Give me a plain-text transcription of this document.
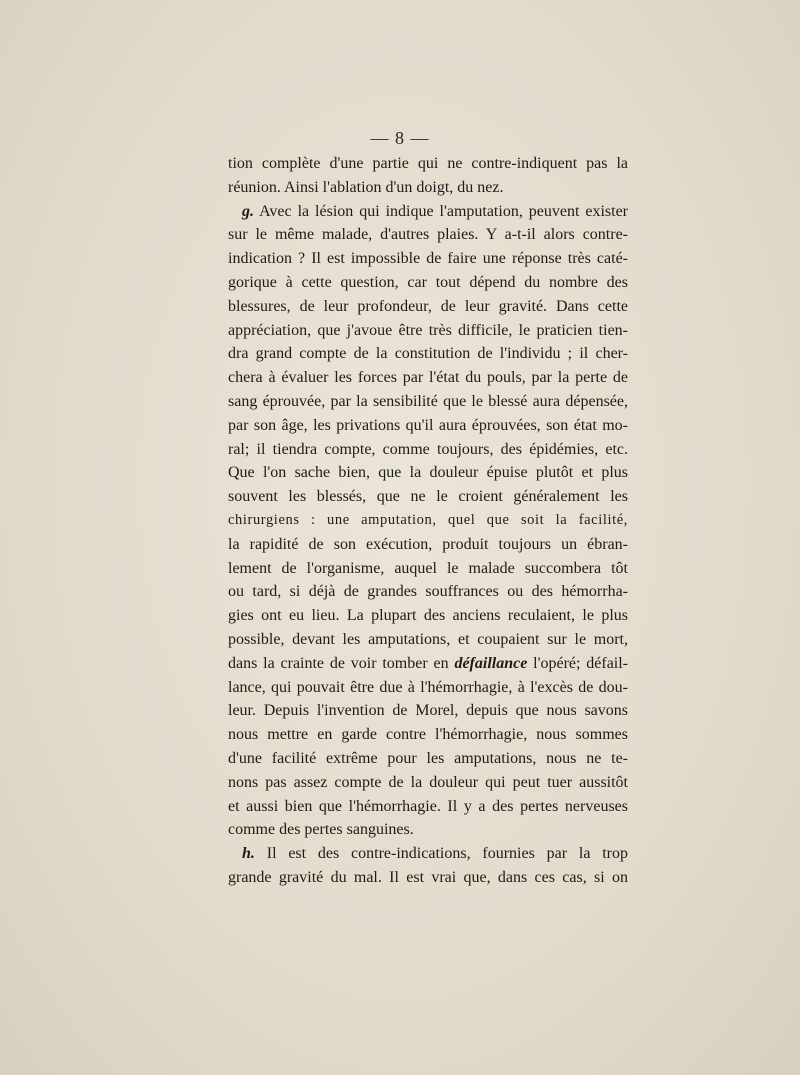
— 8 —
tion complète d'une partie qui ne contre-indiquent pas la
réunion. Ainsi l'ablation d'un doigt, du nez.
g. Avec la lésion qui indique l'amputation, peuvent exister
sur le même malade, d'autres plaies. Y a-t-il alors contre-
indication ? Il est impossible de faire une réponse très caté-
gorique à cette question, car tout dépend du nombre des
blessures, de leur profondeur, de leur gravité. Dans cette
appréciation, que j'avoue être très difficile, le praticien tien-
dra grand compte de la constitution de l'individu ; il cher-
chera à évaluer les forces par l'état du pouls, par la perte de
sang éprouvée, par la sensibilité que le blessé aura dépensée,
par son âge, les privations qu'il aura éprouvées, son état mo-
ral; il tiendra compte, comme toujours, des épidémies, etc.
Que l'on sache bien, que la douleur épuise plutôt et plus
souvent les blessés, que ne le croient généralement les
chirurgiens : une amputation, quel que soit la facilité,
la rapidité de son exécution, produit toujours un ébran-
lement de l'organisme, auquel le malade succombera tôt
ou tard, si déjà de grandes souffrances ou des hémorrha-
gies ont eu lieu. La plupart des anciens reculaient, le plus
possible, devant les amputations, et coupaient sur le mort,
dans la crainte de voir tomber en défaillance l'opéré; défail-
lance, qui pouvait être due à l'hémorrhagie, à l'excès de dou-
leur. Depuis l'invention de Morel, depuis que nous savons
nous mettre en garde contre l'hémorrhagie, nous sommes
d'une facilité extrême pour les amputations, nous ne te-
nons pas assez compte de la douleur qui peut tuer aussitôt
et aussi bien que l'hémorrhagie. Il y a des pertes nerveuses
comme des pertes sanguines.
h. Il est des contre-indications, fournies par la trop
grande gravité du mal. Il est vrai que, dans ces cas, si on
